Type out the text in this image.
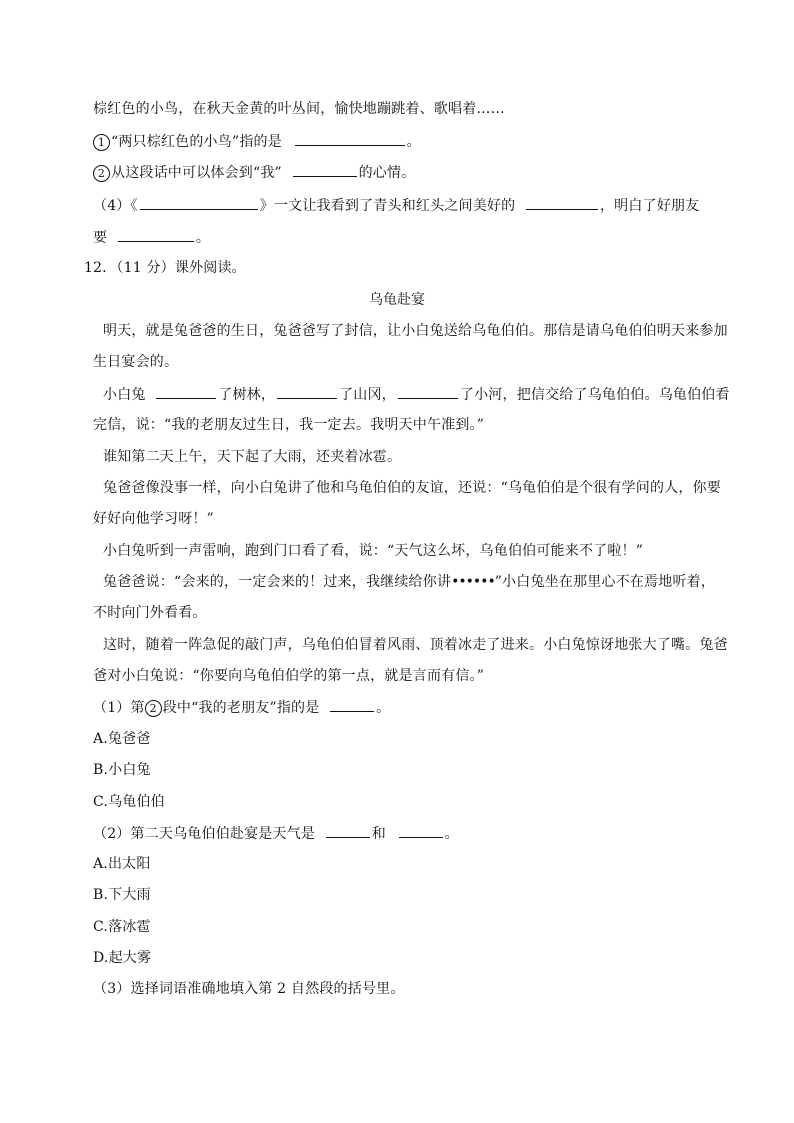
棕红色的小鸟，在秋天金黄的叶丛间，愉快地蹦跳着、歌唱着……
1 “两只棕红色的小鸟”指的是	。
2 从这段话中可以体会到“我”	的心情。
（4）《	》一文让我看到了青头和红头之间美好的	，明白了好朋友
要	。
12．（11 分）课外阅读。
乌龟赴宴
明天，就是兔爸爸的生日，兔爸爸写了封信，让小白兔送给乌龟伯伯。那信是请乌龟伯伯明天来参加
生日宴会的。
小白兔	了树林，	了山冈，	了小河，把信交给了乌龟伯伯。乌龟伯伯看
完信，说：“我的老朋友过生日，我一定去。我明天中午准到。”
谁知第二天上午，天下起了大雨，还夹着冰雹。
兔爸爸像没事一样，向小白兔讲了他和乌龟伯伯的友谊，还说：“乌龟伯伯是个很有学问的人，你要
好好向他学习呀！”
小白兔听到一声雷响，跑到门口看了看，说：“天气这么坏，乌龟伯伯可能来不了啦！”
兔爸爸说：“会来的，一定会来的！过来，我继续给你讲••••••”小白兔坐在那里心不在焉地听着，
不时向门外看看。
这时，随着一阵急促的敲门声，乌龟伯伯冒着风雨、顶着冰走了进来。小白兔惊讶地张大了嘴。兔爸
爸对小白兔说：“你要向乌龟伯伯学的第一点，就是言而有信。”
（1）第 2 段中“我的老朋友”指的是	。
A.兔爸爸
B.小白兔
C.乌龟伯伯
（2）第二天乌龟伯伯赴宴是天气是	和	。
A.出太阳
B.下大雨
C.落冰雹
D.起大雾
（3）选择词语准确地填入第 2 自然段的括号里。
